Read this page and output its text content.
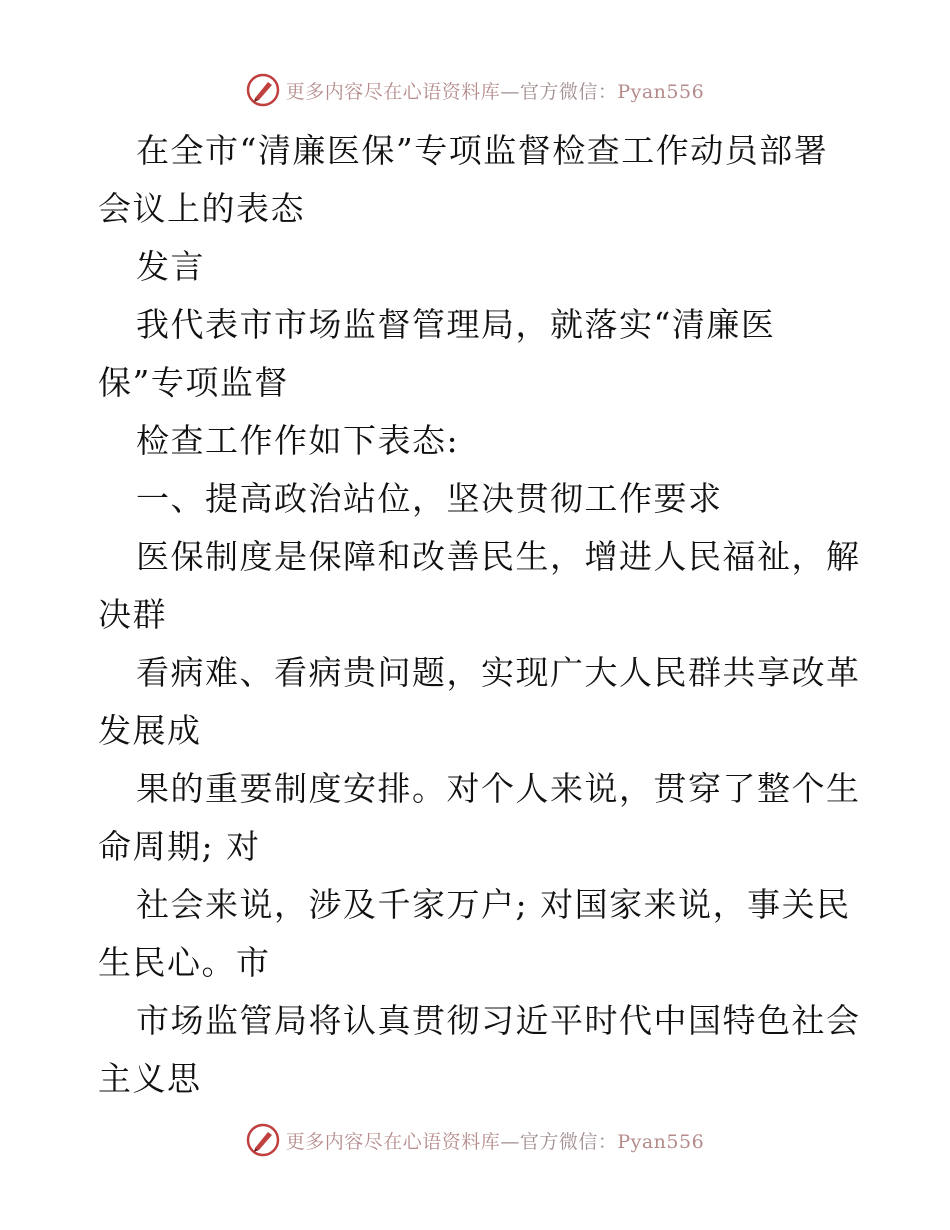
更多内容尽在心语资料库—官方微信：Pyan556
在全市“清廉医保”专项监督检查工作动员部署
会议上的表态
发言
我代表市市场监督管理局，就落实“清廉医
保”专项监督
检查工作作如下表态:
一、提高政治站位，坚决贯彻工作要求
医保制度是保障和改善民生，增进人民福祉，解
决群
看病难、看病贵问题，实现广大人民群共享改革
发展成
果的重要制度安排。对个人来说，贯穿了整个生
命周期; 对
社会来说，涉及千家万户; 对国家来说，事关民
生民心。市
市场监管局将认真贯彻习近平时代中国特色社会
主义思
更多内容尽在心语资料库—官方微信：Pyan556
